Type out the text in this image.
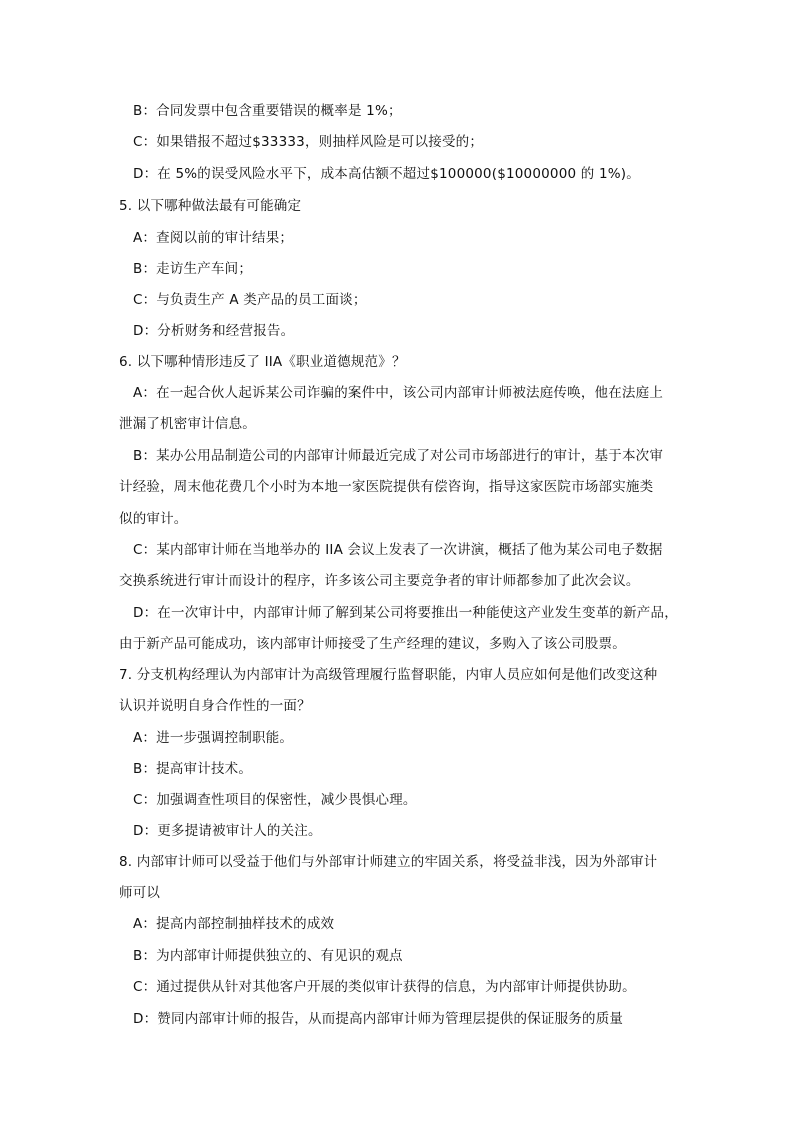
B：合同发票中包含重要错误的概率是 1%；
C：如果错报不超过$33333，则抽样风险是可以接受的；
D：在 5%的误受风险水平下，成本高估额不超过$100000($10000000 的 1%)。
5. 以下哪种做法最有可能确定
A：查阅以前的审计结果；
B：走访生产车间；
C：与负责生产 A 类产品的员工面谈；
D：分析财务和经营报告。
6. 以下哪种情形违反了 IIA《职业道德规范》？
A：在一起合伙人起诉某公司诈骗的案件中，该公司内部审计师被法庭传唤，他在法庭上
泄漏了机密审计信息。
B：某办公用品制造公司的内部审计师最近完成了对公司市场部进行的审计，基于本次审
计经验，周末他花费几个小时为本地一家医院提供有偿咨询，指导这家医院市场部实施类
似的审计。
C：某内部审计师在当地举办的 IIA 会议上发表了一次讲演，概括了他为某公司电子数据
交换系统进行审计而设计的程序，许多该公司主要竞争者的审计师都参加了此次会议。
D：在一次审计中，内部审计师了解到某公司将要推出一种能使这产业发生变革的新产品，
由于新产品可能成功，该内部审计师接受了生产经理的建议，多购入了该公司股票。
7. 分支机构经理认为内部审计为高级管理履行监督职能，内审人员应如何是他们改变这种
认识并说明自身合作性的一面？
A：进一步强调控制职能。
B：提高审计技术。
C：加强调查性项目的保密性，减少畏惧心理。
D：更多提请被审计人的关注。
8. 内部审计师可以受益于他们与外部审计师建立的牢固关系，将受益非浅，因为外部审计
师可以
A：提高内部控制抽样技术的成效
B：为内部审计师提供独立的、有见识的观点
C：通过提供从针对其他客户开展的类似审计获得的信息，为内部审计师提供协助。
D：赞同内部审计师的报告，从而提高内部审计师为管理层提供的保证服务的质量
